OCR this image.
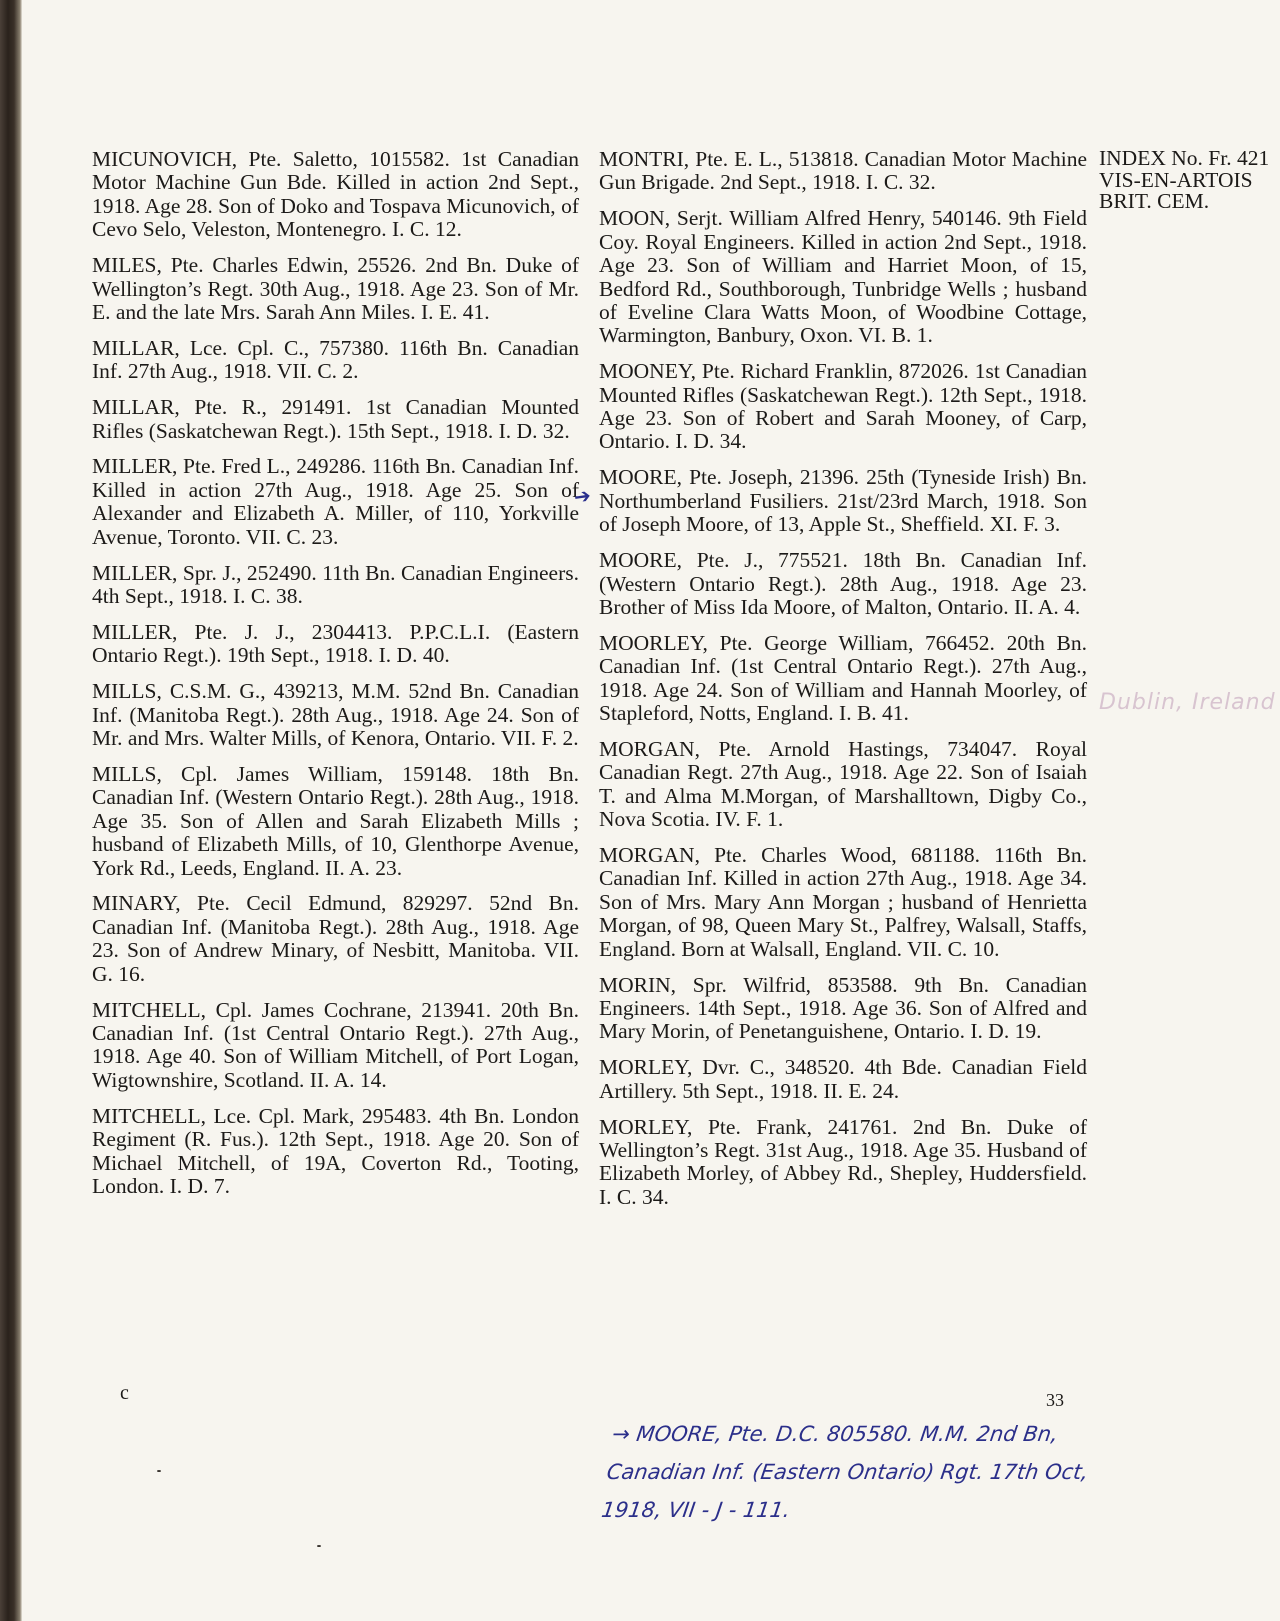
INDEX No. Fr. 421
VIS-EN-ARTOIS
BRIT. CEM.

MICUNOVICH, Pte. Saletto, 1015582. 1st Canadian Motor Machine Gun Bde. Killed in action 2nd Sept., 1918. Age 28. Son of Doko and Tospava Micunovich, of Cevo Selo, Veleston, Montenegro. I. C. 12.

MILES, Pte. Charles Edwin, 25526. 2nd Bn. Duke of Wellington’s Regt. 30th Aug., 1918. Age 23. Son of Mr. E. and the late Mrs. Sarah Ann Miles. I. E. 41.

MILLAR, Lce. Cpl. C., 757380. 116th Bn. Canadian Inf. 27th Aug., 1918. VII. C. 2.

MILLAR, Pte. R., 291491. 1st Canadian Mounted Rifles (Saskatchewan Regt.). 15th Sept., 1918. I. D. 32.

MILLER, Pte. Fred L., 249286. 116th Bn. Canadian Inf. Killed in action 27th Aug., 1918. Age 25. Son of Alexander and Elizabeth A. Miller, of 110, Yorkville Avenue, Toronto. VII. C. 23.

MILLER, Spr. J., 252490. 11th Bn. Canadian Engineers. 4th Sept., 1918. I. C. 38.

MILLER, Pte. J. J., 2304413. P.P.C.L.I. (Eastern Ontario Regt.). 19th Sept., 1918. I. D. 40.

MILLS, C.S.M. G., 439213, M.M. 52nd Bn. Canadian Inf. (Manitoba Regt.). 28th Aug., 1918. Age 24. Son of Mr. and Mrs. Walter Mills, of Kenora, Ontario. VII. F. 2.

MILLS, Cpl. James William, 159148. 18th Bn. Canadian Inf. (Western Ontario Regt.). 28th Aug., 1918. Age 35. Son of Allen and Sarah Elizabeth Mills ; husband of Elizabeth Mills, of 10, Glenthorpe Avenue, York Rd., Leeds, England. II. A. 23.

MINARY, Pte. Cecil Edmund, 829297. 52nd Bn. Canadian Inf. (Manitoba Regt.). 28th Aug., 1918. Age 23. Son of Andrew Minary, of Nesbitt, Manitoba. VII. G. 16.

MITCHELL, Cpl. James Cochrane, 213941. 20th Bn. Canadian Inf. (1st Central Ontario Regt.). 27th Aug., 1918. Age 40. Son of William Mitchell, of Port Logan, Wigtownshire, Scotland. II. A. 14.

MITCHELL, Lce. Cpl. Mark, 295483. 4th Bn. London Regiment (R. Fus.). 12th Sept., 1918. Age 20. Son of Michael Mitchell, of 19A, Coverton Rd., Tooting, London. I. D. 7.

MONTRI, Pte. E. L., 513818. Canadian Motor Machine Gun Brigade. 2nd Sept., 1918. I. C. 32.

MOON, Serjt. William Alfred Henry, 540146. 9th Field Coy. Royal Engineers. Killed in action 2nd Sept., 1918. Age 23. Son of William and Harriet Moon, of 15, Bedford Rd., Southborough, Tunbridge Wells ; husband of Eveline Clara Watts Moon, of Woodbine Cottage, Warmington, Banbury, Oxon. VI. B. 1.

MOONEY, Pte. Richard Franklin, 872026. 1st Canadian Mounted Rifles (Saskatchewan Regt.). 12th Sept., 1918. Age 23. Son of Robert and Sarah Mooney, of Carp, Ontario. I. D. 34.

MOORE, Pte. Joseph, 21396. 25th (Tyneside Irish) Bn. Northumberland Fusiliers. 21st/23rd March, 1918. Son of Joseph Moore, of 13, Apple St., Sheffield. XI. F. 3.

MOORE, Pte. J., 775521. 18th Bn. Canadian Inf. (Western Ontario Regt.). 28th Aug., 1918. Age 23. Brother of Miss Ida Moore, of Malton, Ontario. II. A. 4.

MOORLEY, Pte. George William, 766452. 20th Bn. Canadian Inf. (1st Central Ontario Regt.). 27th Aug., 1918. Age 24. Son of William and Hannah Moorley, of Stapleford, Notts, England. I. B. 41.

MORGAN, Pte. Arnold Hastings, 734047. Royal Canadian Regt. 27th Aug., 1918. Age 22. Son of Isaiah T. and Alma M.Morgan, of Marshalltown, Digby Co., Nova Scotia. IV. F. 1.

MORGAN, Pte. Charles Wood, 681188. 116th Bn. Canadian Inf. Killed in action 27th Aug., 1918. Age 34. Son of Mrs. Mary Ann Morgan ; husband of Henrietta Morgan, of 98, Queen Mary St., Palfrey, Walsall, Staffs, England. Born at Walsall, England. VII. C. 10.

MORIN, Spr. Wilfrid, 853588. 9th Bn. Canadian Engineers. 14th Sept., 1918. Age 36. Son of Alfred and Mary Morin, of Penetanguishene, Ontario. I. D. 19.

MORLEY, Dvr. C., 348520. 4th Bde. Canadian Field Artillery. 5th Sept., 1918. II. E. 24.

MORLEY, Pte. Frank, 241761. 2nd Bn. Duke of Wellington’s Regt. 31st Aug., 1918. Age 35. Husband of Elizabeth Morley, of Abbey Rd., Shepley, Huddersfield. I. C. 34.

➔
Dublin, Ireland
c	33
→ MOORE, Pte. D.C. 805580. M.M. 2nd Bn,
Canadian Inf. (Eastern Ontario) Rgt. 17th Oct,
1918, VII - J - 111.
